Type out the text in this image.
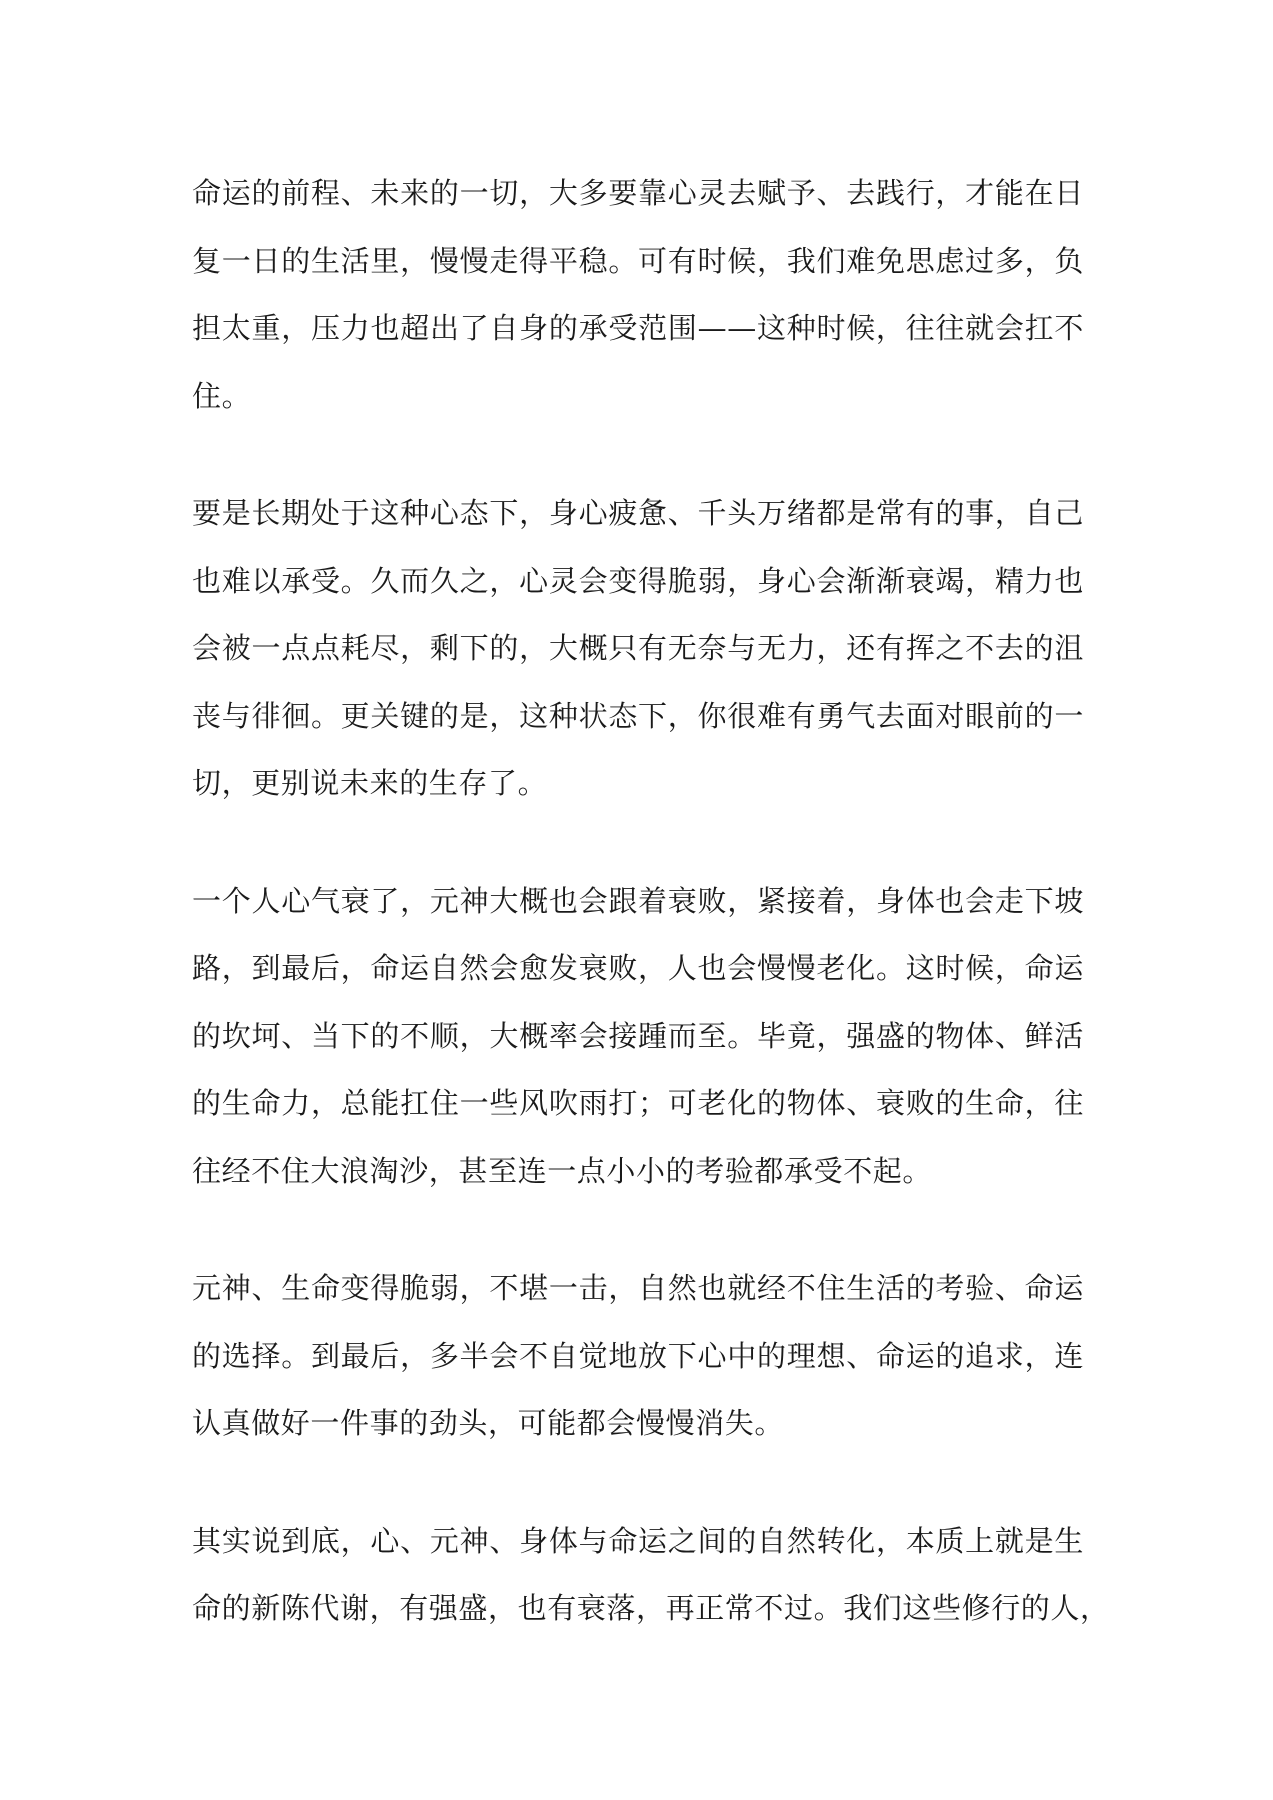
命运的前程、未来的一切，大多要靠心灵去赋予、去践行，才能在日
复一日的生活里，慢慢走得平稳。可有时候，我们难免思虑过多，负
担太重，压力也超出了自身的承受范围——这种时候，往往就会扛不
住。

要是长期处于这种心态下，身心疲惫、千头万绪都是常有的事，自己
也难以承受。久而久之，心灵会变得脆弱，身心会渐渐衰竭，精力也
会被一点点耗尽，剩下的，大概只有无奈与无力，还有挥之不去的沮
丧与徘徊。更关键的是，这种状态下，你很难有勇气去面对眼前的一
切，更别说未来的生存了。

一个人心气衰了，元神大概也会跟着衰败，紧接着，身体也会走下坡
路，到最后，命运自然会愈发衰败，人也会慢慢老化。这时候，命运
的坎坷、当下的不顺，大概率会接踵而至。毕竟，强盛的物体、鲜活
的生命力，总能扛住一些风吹雨打；可老化的物体、衰败的生命，往
往经不住大浪淘沙，甚至连一点小小的考验都承受不起。

元神、生命变得脆弱，不堪一击，自然也就经不住生活的考验、命运
的选择。到最后，多半会不自觉地放下心中的理想、命运的追求，连
认真做好一件事的劲头，可能都会慢慢消失。

其实说到底，心、元神、身体与命运之间的自然转化，本质上就是生
命的新陈代谢，有强盛，也有衰落，再正常不过。我们这些修行的人，
